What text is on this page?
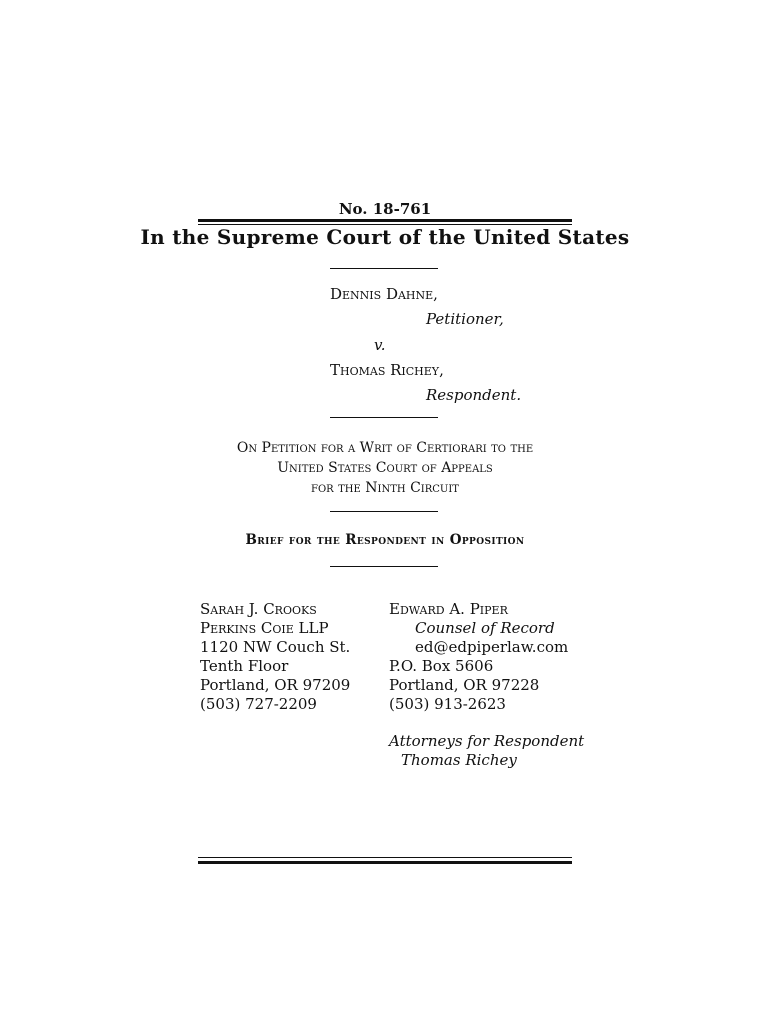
No. 18-761
In the Supreme Court of the United States
Dennis Dahne,
Petitioner,
v.
Thomas Richey,
Respondent.
On Petition for a Writ of Certiorari to the
United States Court of Appeals
for the Ninth Circuit
Brief for the Respondent in Opposition
Sarah J. Crooks
Perkins Coie LLP
1120 NW Couch St.
Tenth Floor
Portland, OR 97209
(503) 727-2209
Edward A. Piper
Counsel of Record
ed@edpiperlaw.com
P.O. Box 5606
Portland, OR 97228
(503) 913-2623
Attorneys for Respondent
Thomas Richey
